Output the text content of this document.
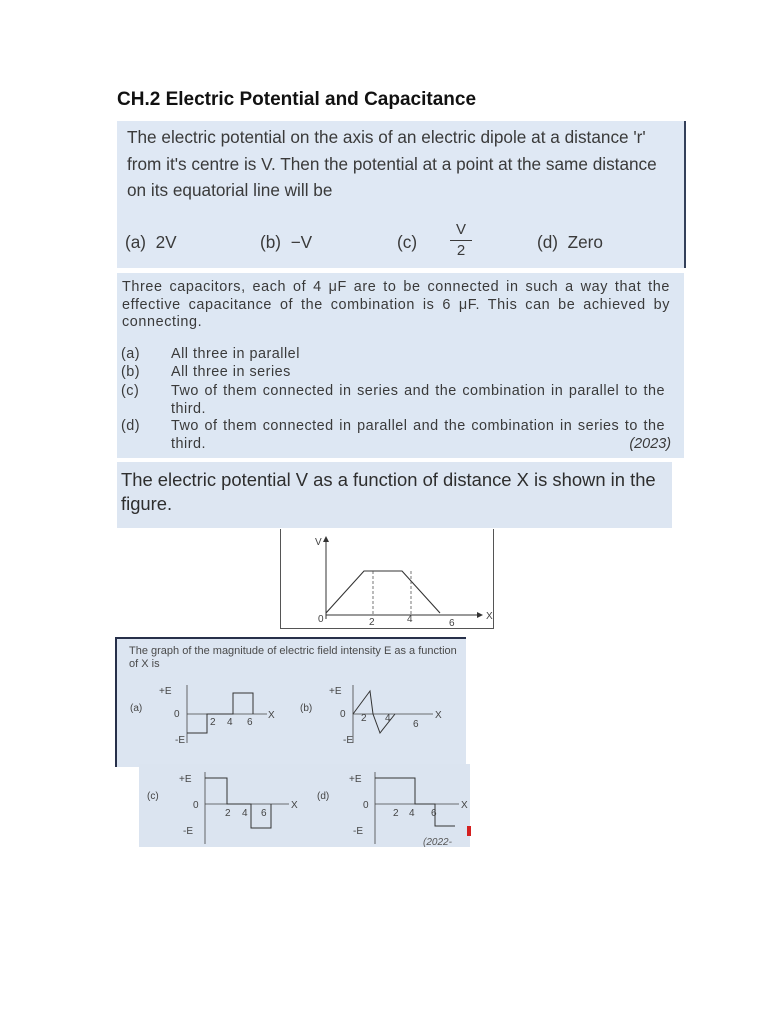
CH.2 Electric Potential and Capacitance
The electric potential on the axis of an electric dipole at a distance 'r' from it's centre is V. Then the potential at a point at the same distance on its equatorial line will be
(a) 2V	(b) −V	(c)
V
2	(d) Zero
Three capacitors, each of 4 μF are to be connected in such a way that the effective capacitance of the combination is 6 μF. This can be achieved by connecting.
(a) All three in parallel
(b) All three in series
(c) Two of them connected in series and the combination in parallel to the third.
(d) Two of them connected in parallel and the combination in series to the third.	(2023)
The electric potential V as a function of distance X is shown in the figure.
V
X
0	2	4	6
The graph of the magnitude of electric field intensity E as a function of X is
(a)
+E
-E
0	X
2 4 6
(b)
+E
-E
0	X
2 4
6
(c)
+E
-E
0	X
2 4 6
(d)
+E
-E
0	X
2 4 6
(2022-
